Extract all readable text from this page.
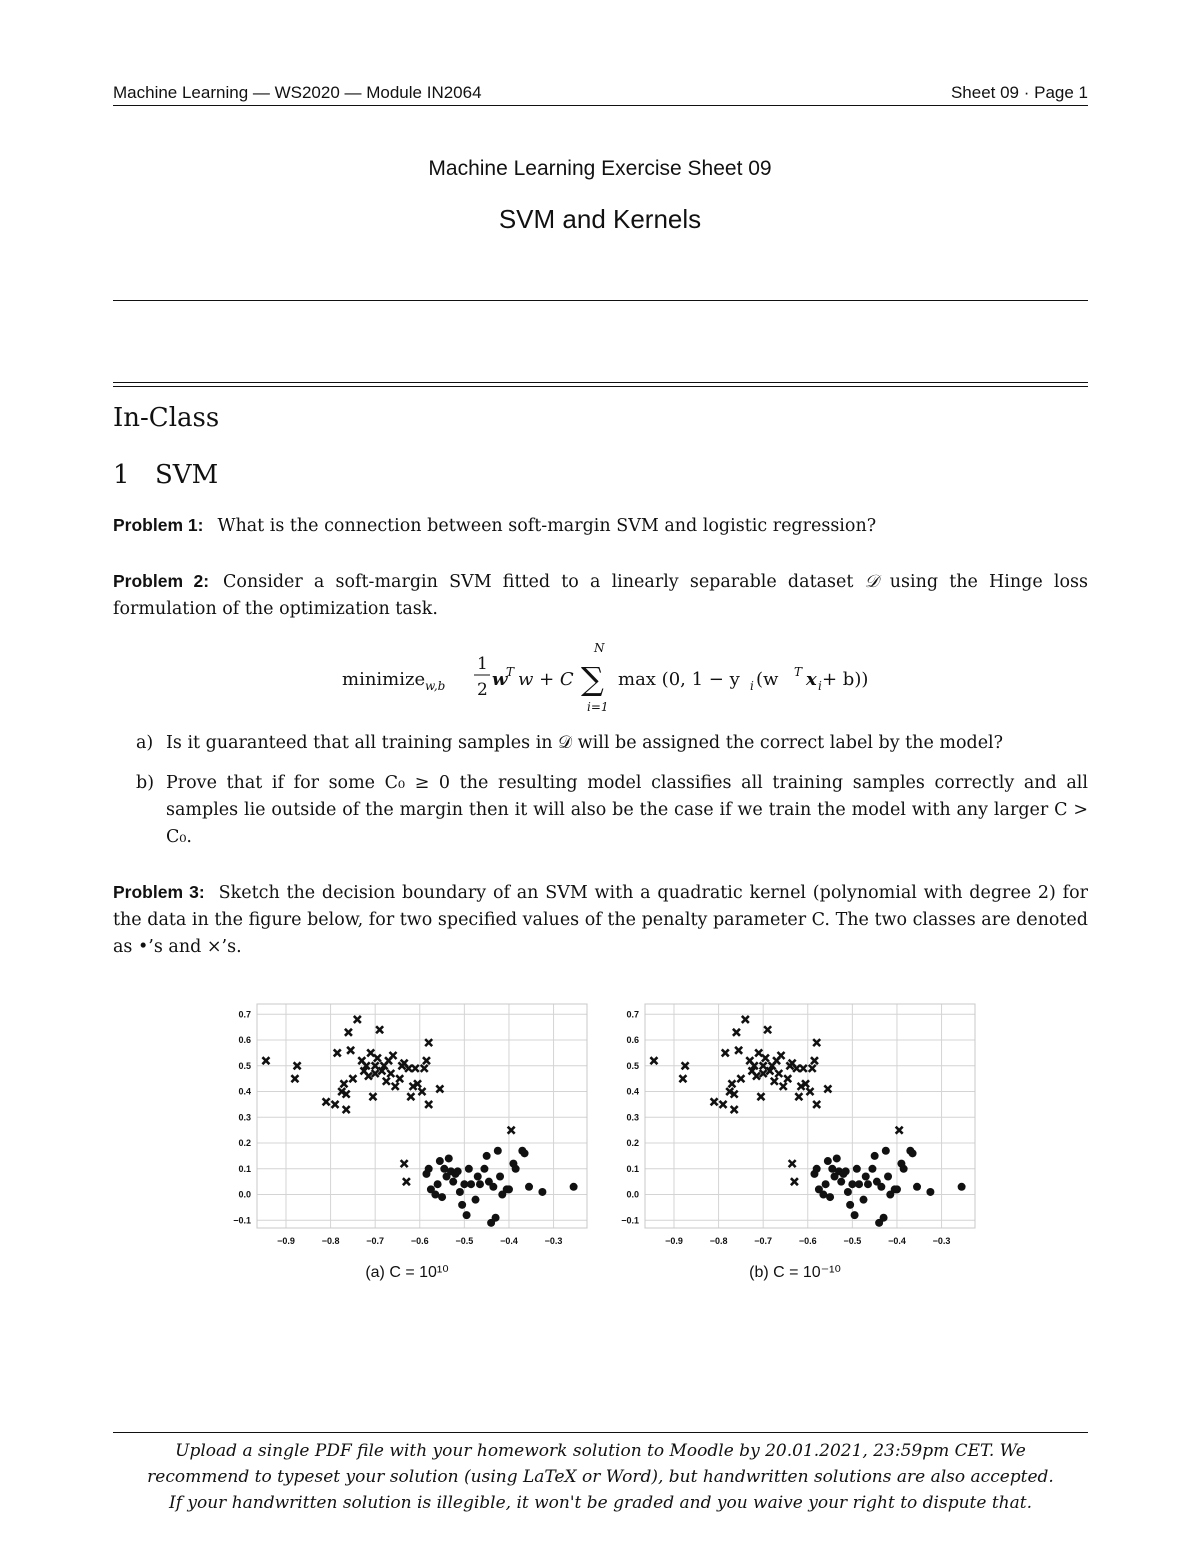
Machine Learning — WS2020 — Module IN2064	Sheet 09 · Page 1
Machine Learning Exercise Sheet 09
SVM and Kernels
In-Class
1 SVM
Problem 1: What is the connection between soft-margin SVM and logistic regression?
Problem 2: Consider a soft-margin SVM fitted to a linearly separable dataset 𝒟 using the Hinge loss formulation of the optimization task.
minimize w,b
1
2 w
T w + C
N
∑
i=1
max (0, 1 − y i (w T x i + b))
a) Is it guaranteed that all training samples in 𝒟 will be assigned the correct label by the model?
b) Prove that if for some C₀ ≥ 0 the resulting model classifies all training samples correctly and all samples lie outside of the margin then it will also be the case if we train the model with any larger C > C₀.
Problem 3: Sketch the decision boundary of an SVM with a quadratic kernel (polynomial with degree 2) for the data in the figure below, for two specified values of the penalty parameter C. The two classes are denoted as •’s and ×’s.
−0.9	−0.8	−0.7	−0.6	−0.5	−0.4	−0.3
−0.1
0.0
0.1
0.2
0.3
0.4
0.5
0.6
0.7
(a) C = 10¹⁰
−0.9	−0.8	−0.7	−0.6	−0.5	−0.4	−0.3
−0.1
0.0
0.1
0.2
0.3
0.4
0.5
0.6
0.7
(b) C = 10⁻¹⁰
Upload a single PDF file with your homework solution to Moodle by 20.01.2021, 23:59pm CET. We
recommend to typeset your solution (using LaTeX or Word), but handwritten solutions are also accepted.
If your handwritten solution is illegible, it won't be graded and you waive your right to dispute that.
